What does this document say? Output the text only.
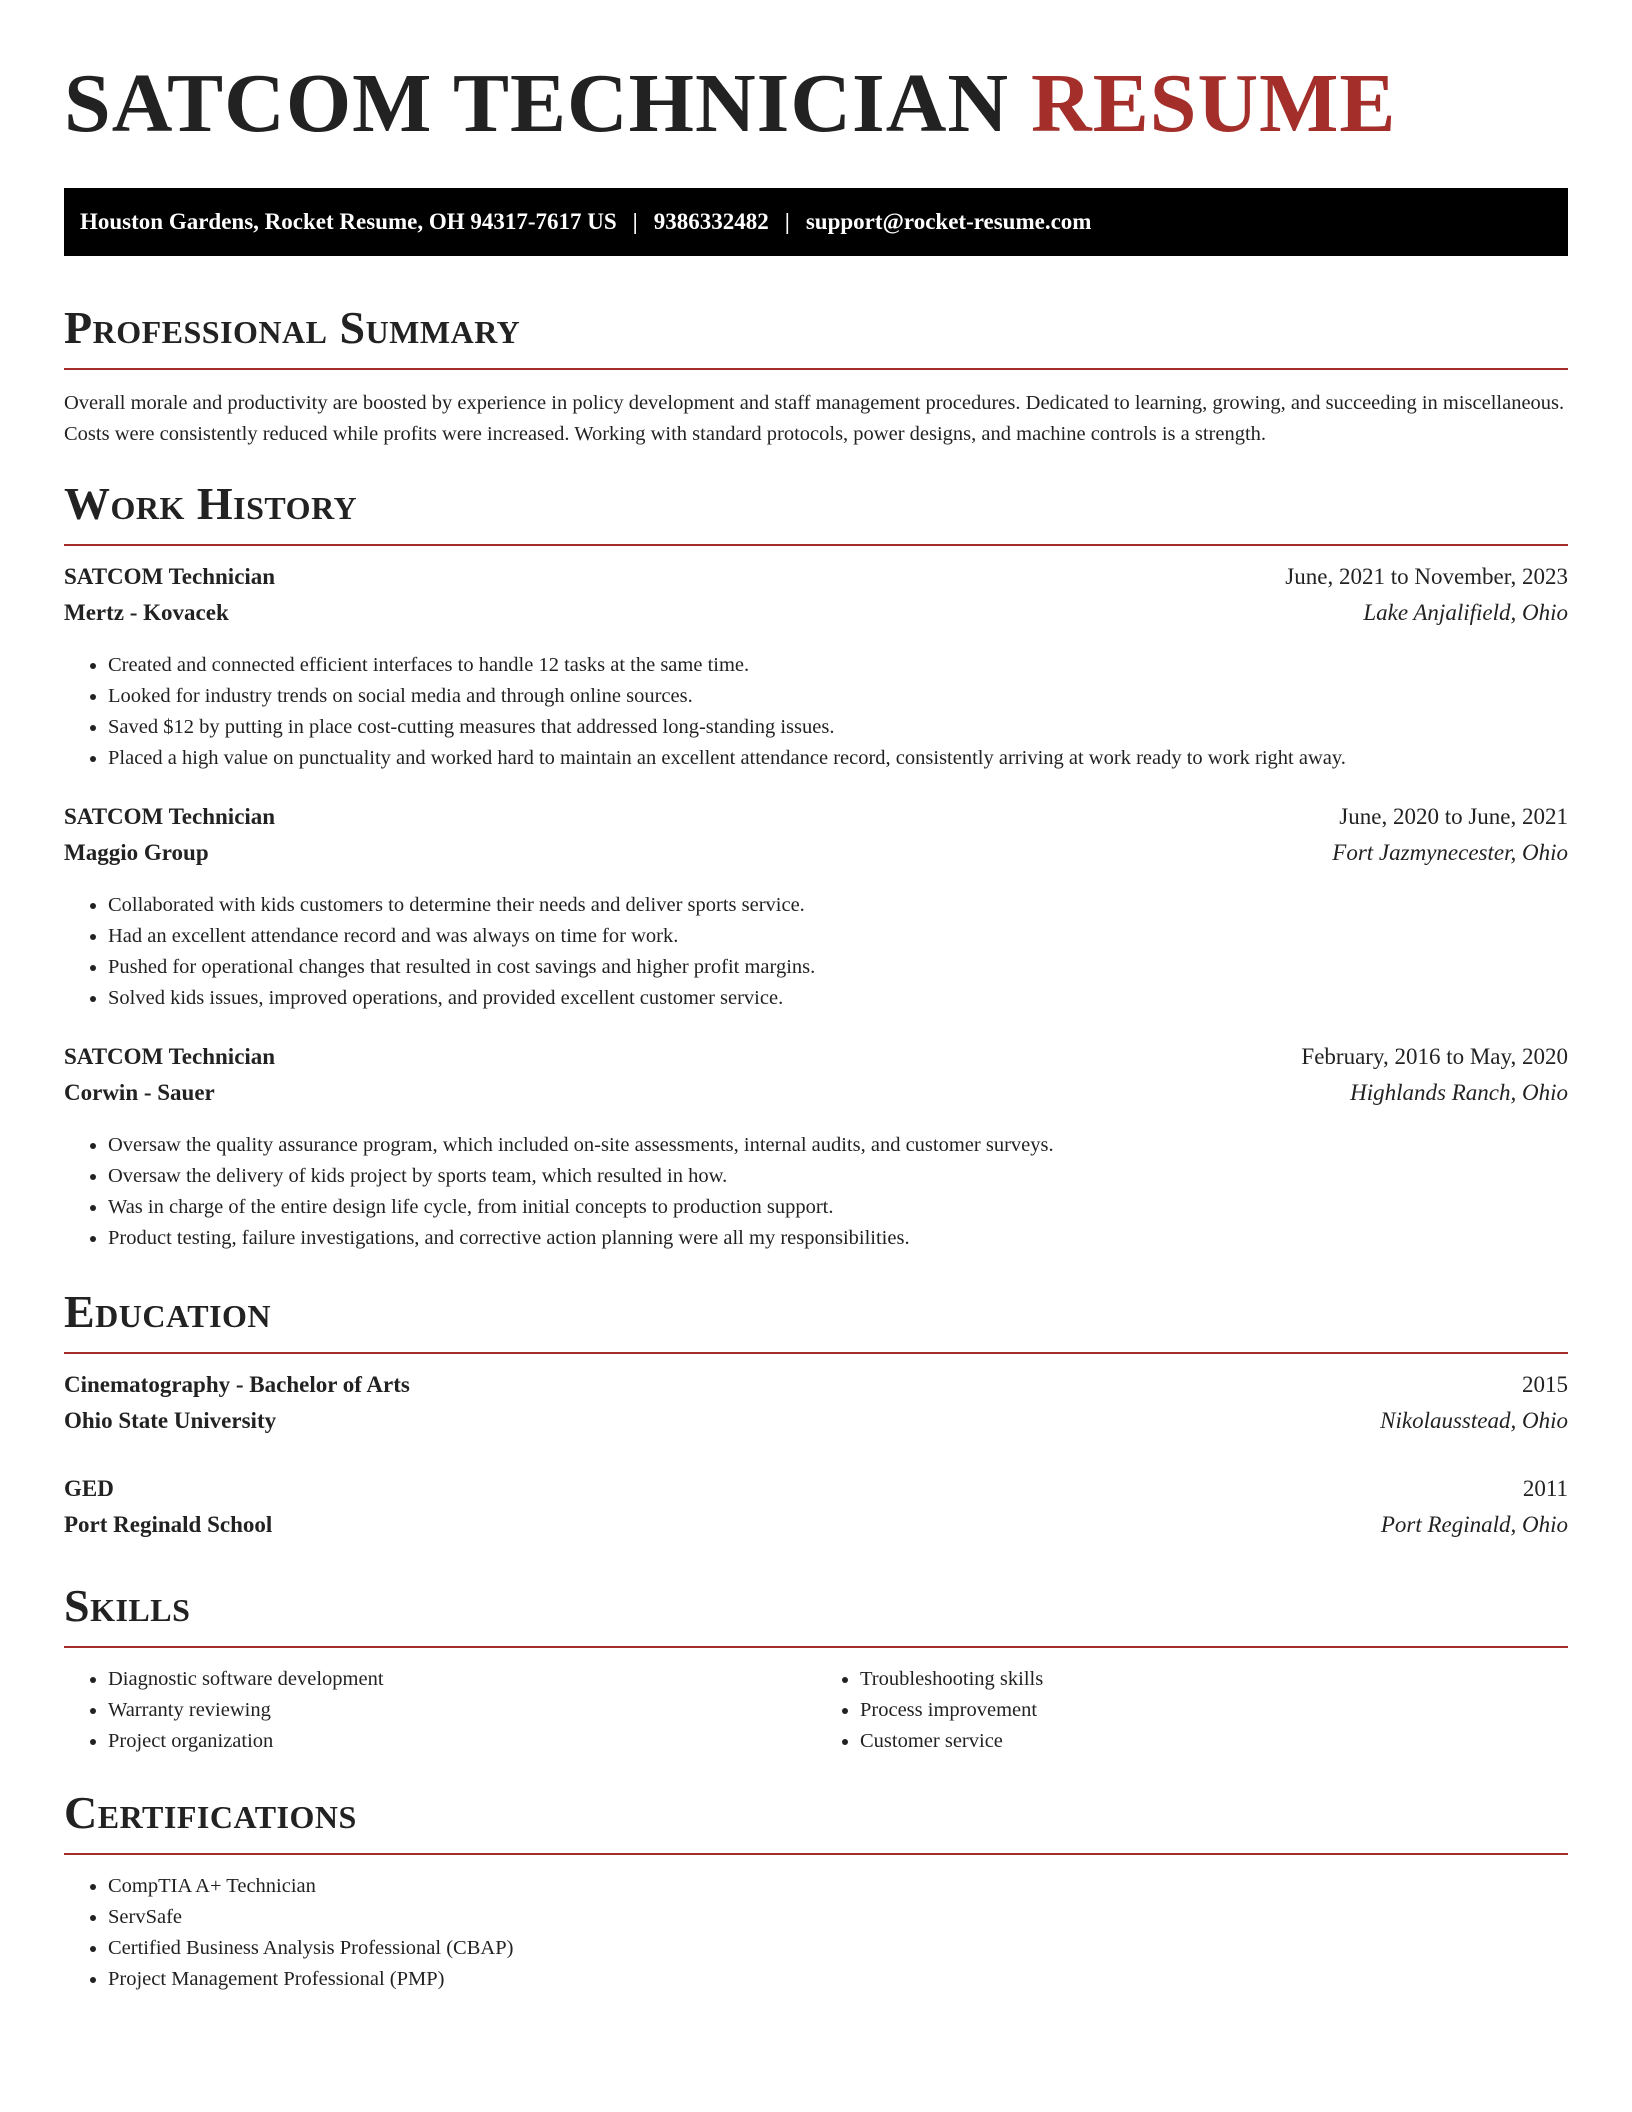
SATCOM TECHNICIAN RESUME
Houston Gardens, Rocket Resume, OH 94317-7617 US | 9386332482 | support@rocket-resume.com
Professional Summary

Overall morale and productivity are boosted by experience in policy development and staff management procedures. Dedicated to learning, growing, and succeeding in miscellaneous. Costs were consistently reduced while profits were increased. Working with standard protocols, power designs, and machine controls is a strength.

Work History
SATCOM Technician	June, 2021 to November, 2023
Mertz - Kovacek	Lake Anjalifield, Ohio
• Created and connected efficient interfaces to handle 12 tasks at the same time.
• Looked for industry trends on social media and through online sources.
• Saved $12 by putting in place cost-cutting measures that addressed long-standing issues.
• Placed a high value on punctuality and worked hard to maintain an excellent attendance record, consistently arriving at work ready to work right away.
SATCOM Technician	June, 2020 to June, 2021
Maggio Group	Fort Jazmynecester, Ohio
• Collaborated with kids customers to determine their needs and deliver sports service.
• Had an excellent attendance record and was always on time for work.
• Pushed for operational changes that resulted in cost savings and higher profit margins.
• Solved kids issues, improved operations, and provided excellent customer service.
SATCOM Technician	February, 2016 to May, 2020
Corwin - Sauer	Highlands Ranch, Ohio
• Oversaw the quality assurance program, which included on-site assessments, internal audits, and customer surveys.
• Oversaw the delivery of kids project by sports team, which resulted in how.
• Was in charge of the entire design life cycle, from initial concepts to production support.
• Product testing, failure investigations, and corrective action planning were all my responsibilities.
Education
Cinematography - Bachelor of Arts	2015
Ohio State University	Nikolausstead, Ohio
GED	2011
Port Reginald School	Port Reginald, Ohio
Skills
• Diagnostic software development
• Warranty reviewing
• Project organization
• Troubleshooting skills
• Process improvement
• Customer service
Certifications
• CompTIA A+ Technician
• ServSafe
• Certified Business Analysis Professional (CBAP)
• Project Management Professional (PMP)
